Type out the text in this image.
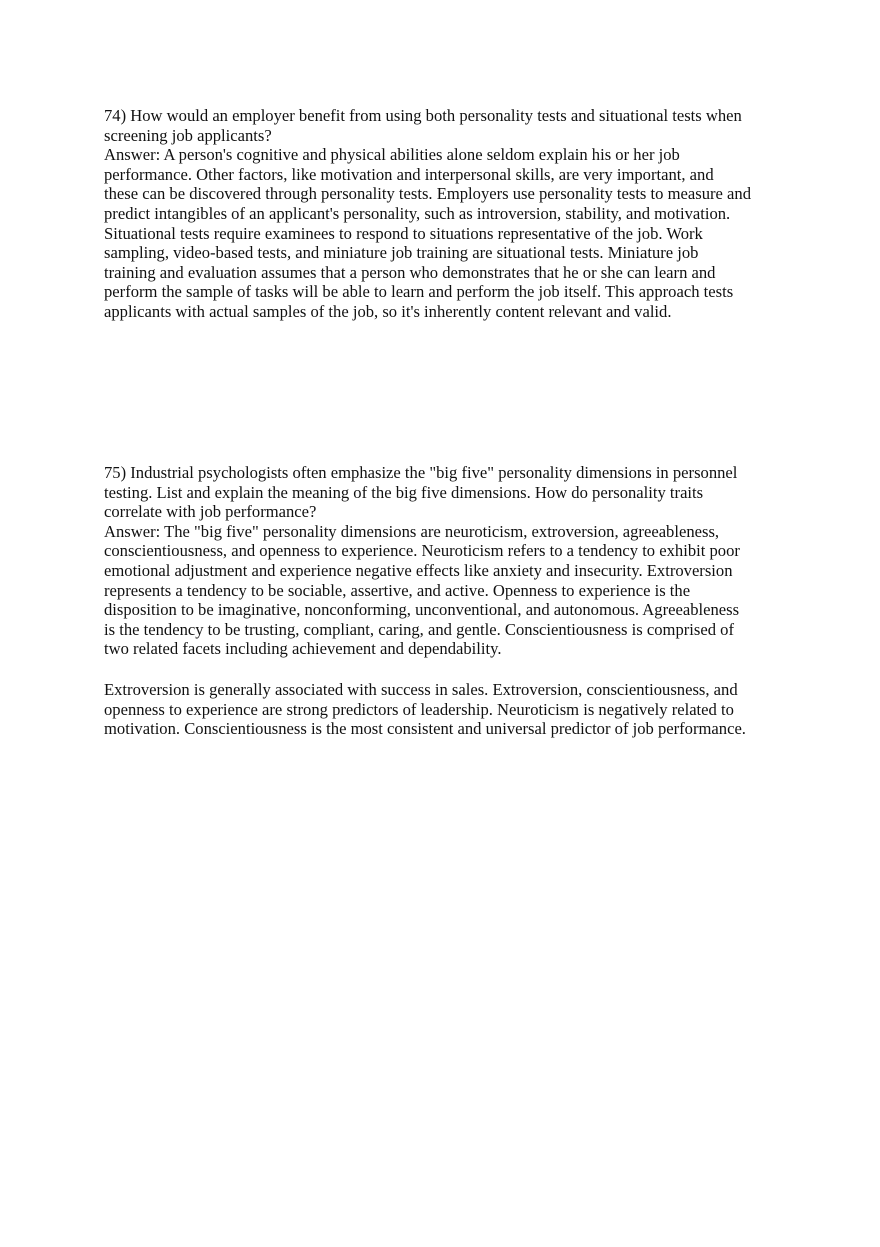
74) How would an employer benefit from using both personality tests and situational tests when
screening job applicants?
Answer: A person's cognitive and physical abilities alone seldom explain his or her job
performance. Other factors, like motivation and interpersonal skills, are very important, and
these can be discovered through personality tests. Employers use personality tests to measure and
predict intangibles of an applicant's personality, such as introversion, stability, and motivation.
Situational tests require examinees to respond to situations representative of the job. Work
sampling, video-based tests, and miniature job training are situational tests. Miniature job
training and evaluation assumes that a person who demonstrates that he or she can learn and
perform the sample of tasks will be able to learn and perform the job itself. This approach tests
applicants with actual samples of the job, so it's inherently content relevant and valid.
75) Industrial psychologists often emphasize the "big five" personality dimensions in personnel
testing. List and explain the meaning of the big five dimensions. How do personality traits
correlate with job performance?
Answer: The "big five" personality dimensions are neuroticism, extroversion, agreeableness,
conscientiousness, and openness to experience. Neuroticism refers to a tendency to exhibit poor
emotional adjustment and experience negative effects like anxiety and insecurity. Extroversion
represents a tendency to be sociable, assertive, and active. Openness to experience is the
disposition to be imaginative, nonconforming, unconventional, and autonomous. Agreeableness
is the tendency to be trusting, compliant, caring, and gentle. Conscientiousness is comprised of
two related facets including achievement and dependability.
Extroversion is generally associated with success in sales. Extroversion, conscientiousness, and
openness to experience are strong predictors of leadership. Neuroticism is negatively related to
motivation. Conscientiousness is the most consistent and universal predictor of job performance.
